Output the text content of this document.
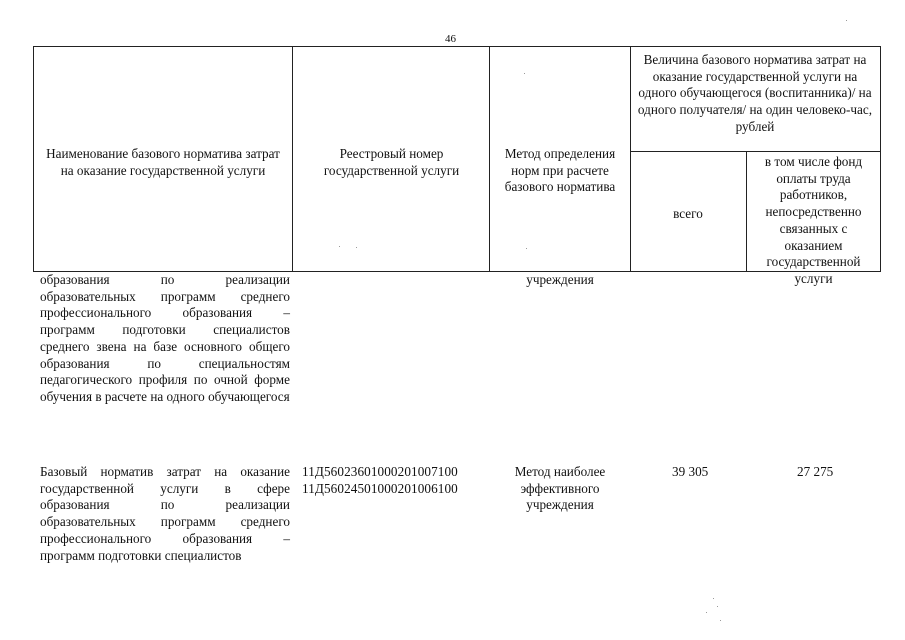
46
Наименование базового норматива затрат на оказание государственной услуги
Реестровый номер государственной услуги
Метод определения норм при расчете базового норматива
Величина базового норматива затрат на оказание государственной услуги на одного обучающегося (воспитанника)/ на одного получателя/ на один человеко-час, рублей
всего
в том числе фонд оплаты труда работников, непосредственно связанных с оказанием государственной услуги
образования по реализации образовательных программ среднего профессионального образования – программ подготовки специалистов среднего звена на базе основного общего образования по специальностям педагогического профиля по очной форме обучения в расчете на одного обучающегося
учреждения
Базовый норматив затрат на оказание государственной услуги в сфере образования по реализации образовательных программ среднего профессионального образования – программ подготовки специалистов
11Д56023601000201007100
11Д56024501000201006100
Метод наиболее эффективного учреждения
39 305	27 275
